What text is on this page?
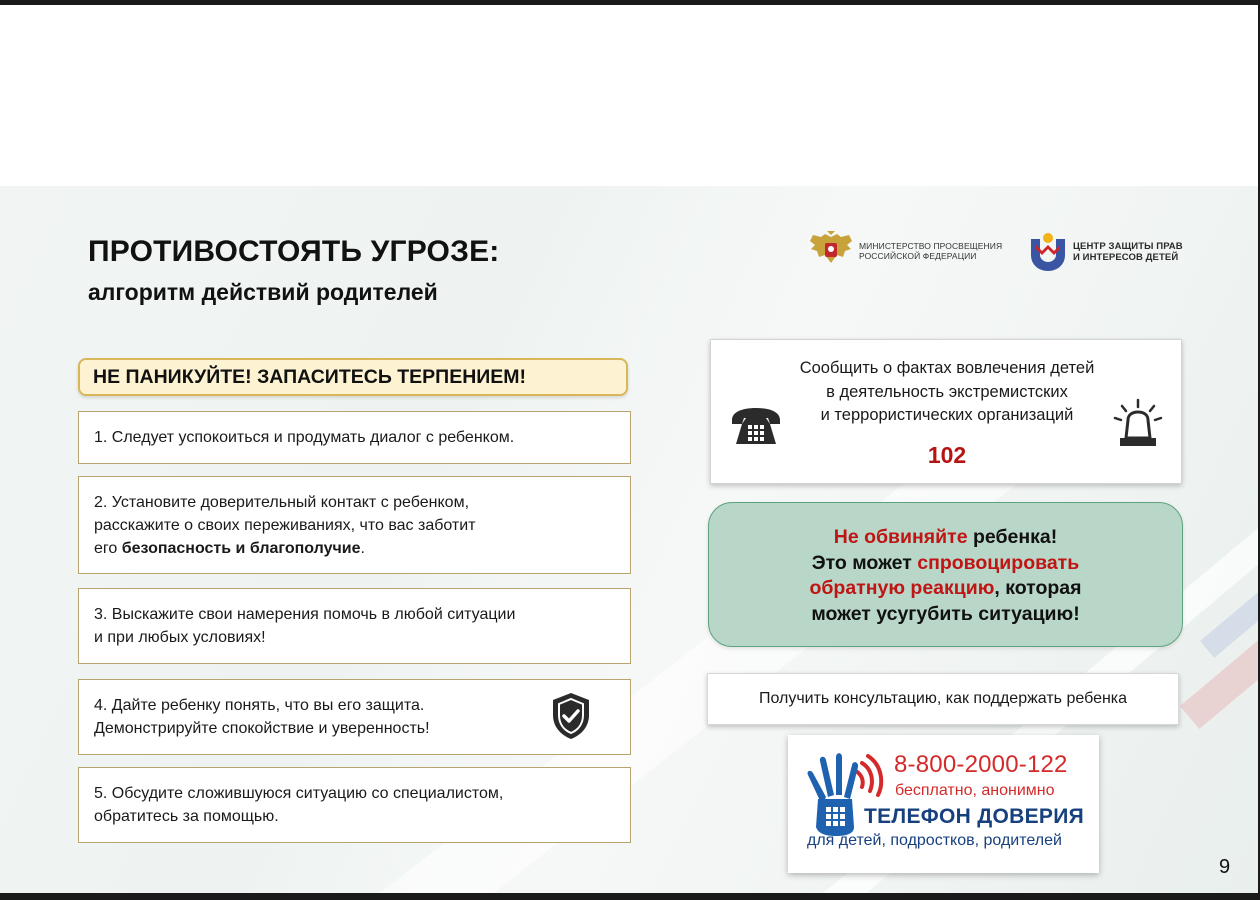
ПРОТИВОСТОЯТЬ УГРОЗЕ:
алгоритм действий родителей
МИНИСТЕРСТВО ПРОСВЕЩЕНИЯ
РОССИЙСКОЙ ФЕДЕРАЦИИ
ЦЕНТР ЗАЩИТЫ ПРАВ
И ИНТЕРЕСОВ ДЕТЕЙ
НЕ ПАНИКУЙТЕ! ЗАПАСИТЕСЬ ТЕРПЕНИЕМ!
1. Следует успокоиться и продумать диалог с ребенком.
2. Установите доверительный контакт с ребенком,
расскажите о своих переживаниях, что вас заботит
его безопасность и благополучие.
3. Выскажите свои намерения помочь в любой ситуации
и при любых условиях!
4. Дайте ребенку понять, что вы его защита.
Демонстрируйте спокойствие и уверенность!
5. Обсудите сложившуюся ситуацию со специалистом,
обратитесь за помощью.
Сообщить о фактах вовлечения детей
в деятельность экстремистских
и террористических организаций
102
Не обвиняйте ребенка!
Это может спровоцировать
обратную реакцию, которая
может усугубить ситуацию!
Получить консультацию, как поддержать ребенка
8-800-2000-122
бесплатно, анонимно
ТЕЛЕФОН ДОВЕРИЯ
для детей, подростков, родителей
9
